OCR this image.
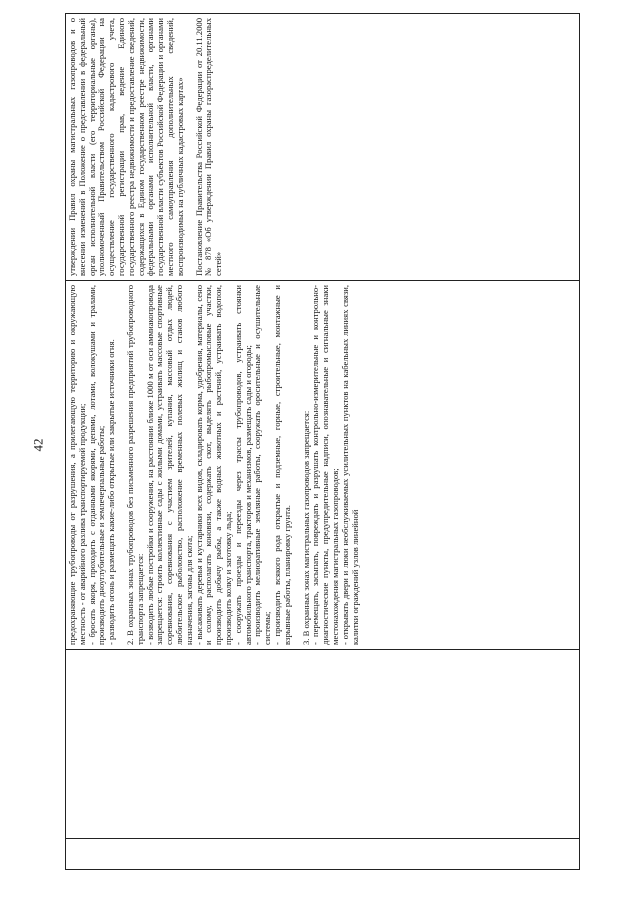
42
			предохраняющие трубопроводы от разрушения, а прилегающую территорию и окружающую местность - от аварийного разлива транспортируемой продукции; - бросать якоря, проходить с отданными якорями, цепями, лотами, волокушами и тралами, производить дноуглубительные и землечерпальные работы; - разводить огонь и размещать какие-либо открытые или закрытые источники огня. 2. В охранных зонах трубопроводов без письменного разрешения предприятий трубопроводного транспорта запрещается: - возводить любые постройки и сооружения, на расстоянии ближе 1000 м от оси аммиакопровода запрещается: строить коллективные сады с жилыми домами, устраивать массовые спортивные соревнования, соревнования с участием зрителей, купания, массовый отдых людей, любительское рыболовство, расположение временных полевых жилищ и станов любого назначения, загоны для скота; - высаживать деревья и кустарники всех видов, складировать корма, удобрения, материалы, сено и солому, располагать коновязи, содержать скот, выделять рыбопромысловые участки, производить добычу рыбы, а также водных животных и растений, устраивать водопои, производить колку и заготовку льда; - сооружать проезды и переезды через трассы трубопроводов, устраивать стоянки автомобильного транспорта, тракторов и механизмов, размещать сады и огороды; - производить мелиоративные земляные работы, сооружать оросительные и осушительные системы; - производить всякого рода открытые и подземные, горные, строительные, монтажные и взрывные работы, планировку грунта. 3. В охранных зонах магистральных газопроводов запрещается: - перемещать, засыпать, повреждать и разрушать контрольно-измерительные и контрольно-диагностические пункты, предупредительные надписи, опознавательные и сигнальные знаки местонахождения магистральных газопроводов; - открывать двери и люки необслуживаемых усилительных пунктов на кабельных линиях связи, калитки ограждений узлов линейной

утверждении Правил охраны магистральных газопроводов и о внесении изменений в Положение о представлении в федеральный орган исполнительной власти (его территориальные органы), уполномоченный Правительством Российской Федерации на осуществление государственного кадастрового учета, государственной регистрации прав, ведение Единого государственного реестра недвижимости и предоставление сведений, содержащихся в Едином государственном реестре недвижимости, федеральными органами исполнительной власти, органами государственной власти субъектов Российской Федерации и органами местного самоуправления дополнительных сведений, воспроизводимых на публичных кадастровых картах» Постановление Правительства Российской Федерации от 20.11.2000 № 878 «Об утверждении Правил охраны газораспределительных сетей»
